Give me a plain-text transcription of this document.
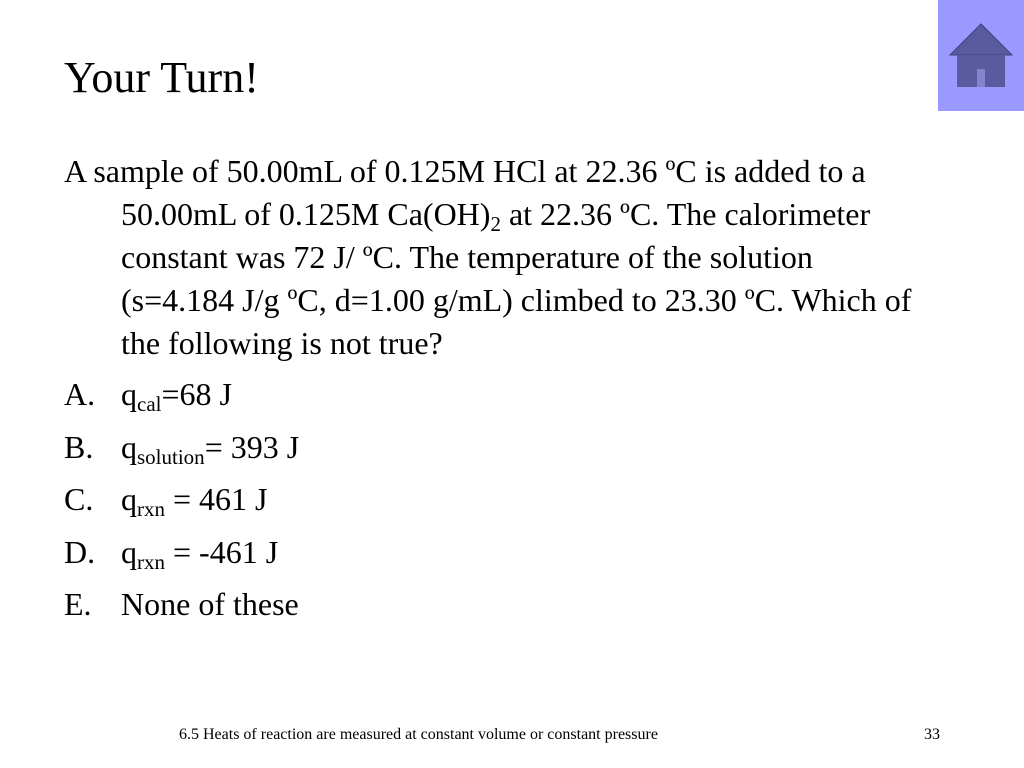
Your Turn!

A sample of 50.00mL of 0.125M HCl at 22.36 ºC is added to a 50.00mL of 0.125M $Ca(OH)_2$ at 22.36 ºC. The calorimeter constant was 72 J/ ºC. The temperature of the solution (s=4.184 J/g ºC, d=1.00 g/mL) climbed to 23.30 ºC. Which of the following is not true?

A. $q_{cal}=68$ J
B. $q_{solution}= 393$ J
C. $q_{rxn} = 461$ J
D. $q_{rxn} = -461$ J
E. None of these
6.5 Heats of reaction are measured at constant volume or constant pressure	33
